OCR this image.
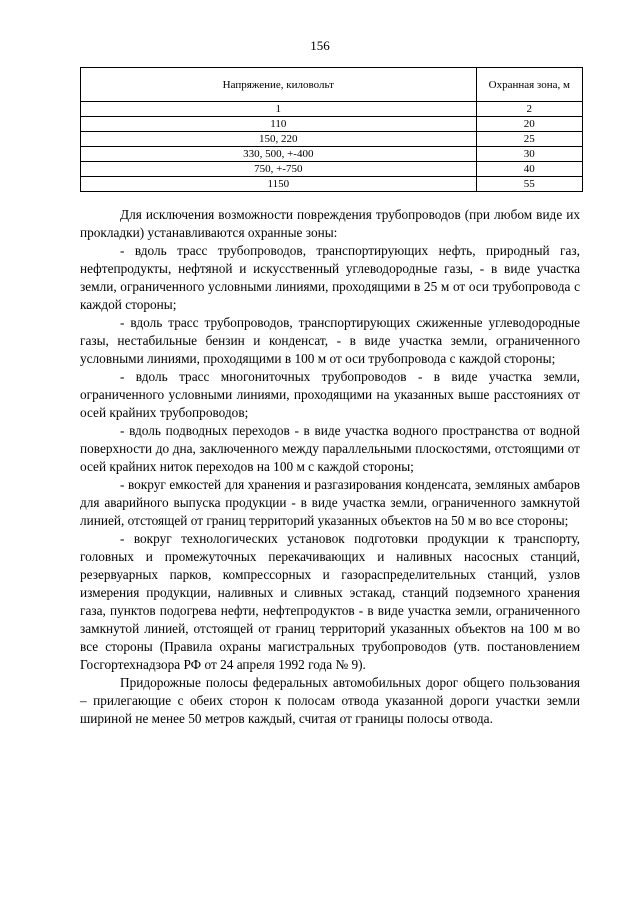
156
Напряжение, киловольт	Охранная зона, м
1	2
110	20
150, 220	25
330, 500, +-400	30
750, +-750	40
1150	55

Для исключения возможности повреждения трубопроводов (при любом виде их прокладки) устанавливаются охранные зоны:

- вдоль трасс трубопроводов, транспортирующих нефть, природный газ, нефтепродукты, нефтяной и искусственный углеводородные газы, - в виде участка земли, ограниченного условными линиями, проходящими в 25 м от оси трубопровода с каждой стороны;

- вдоль трасс трубопроводов, транспортирующих сжиженные углеводородные газы, нестабильные бензин и конденсат, - в виде участка земли, ограниченного условными линиями, проходящими в 100 м от оси трубопровода с каждой стороны;

- вдоль трасс многониточных трубопроводов - в виде участка земли, ограниченного условными линиями, проходящими на указанных выше расстояниях от осей крайних трубопроводов;

- вдоль подводных переходов - в виде участка водного пространства от водной поверхности до дна, заключенного между параллельными плоскостями, отстоящими от осей крайних ниток переходов на 100 м с каждой стороны;

- вокруг емкостей для хранения и разгазирования конденсата, земляных амбаров для аварийного выпуска продукции - в виде участка земли, ограниченного замкнутой линией, отстоящей от границ территорий указанных объектов на 50 м во все стороны;

- вокруг технологических установок подготовки продукции к транспорту, головных и промежуточных перекачивающих и наливных насосных станций, резервуарных парков, компрессорных и газораспределительных станций, узлов измерения продукции, наливных и сливных эстакад, станций подземного хранения газа, пунктов подогрева нефти, нефтепродуктов - в виде участка земли, ограниченного замкнутой линией, отстоящей от границ территорий указанных объектов на 100 м во все стороны (Правила охраны магистральных трубопроводов (утв. постановлением Госгортехнадзора РФ от 24 апреля 1992 года № 9).

Придорожные полосы федеральных автомобильных дорог общего пользования – прилегающие с обеих сторон к полосам отвода указанной дороги участки земли шириной не менее 50 метров каждый, считая от границы полосы отвода.
